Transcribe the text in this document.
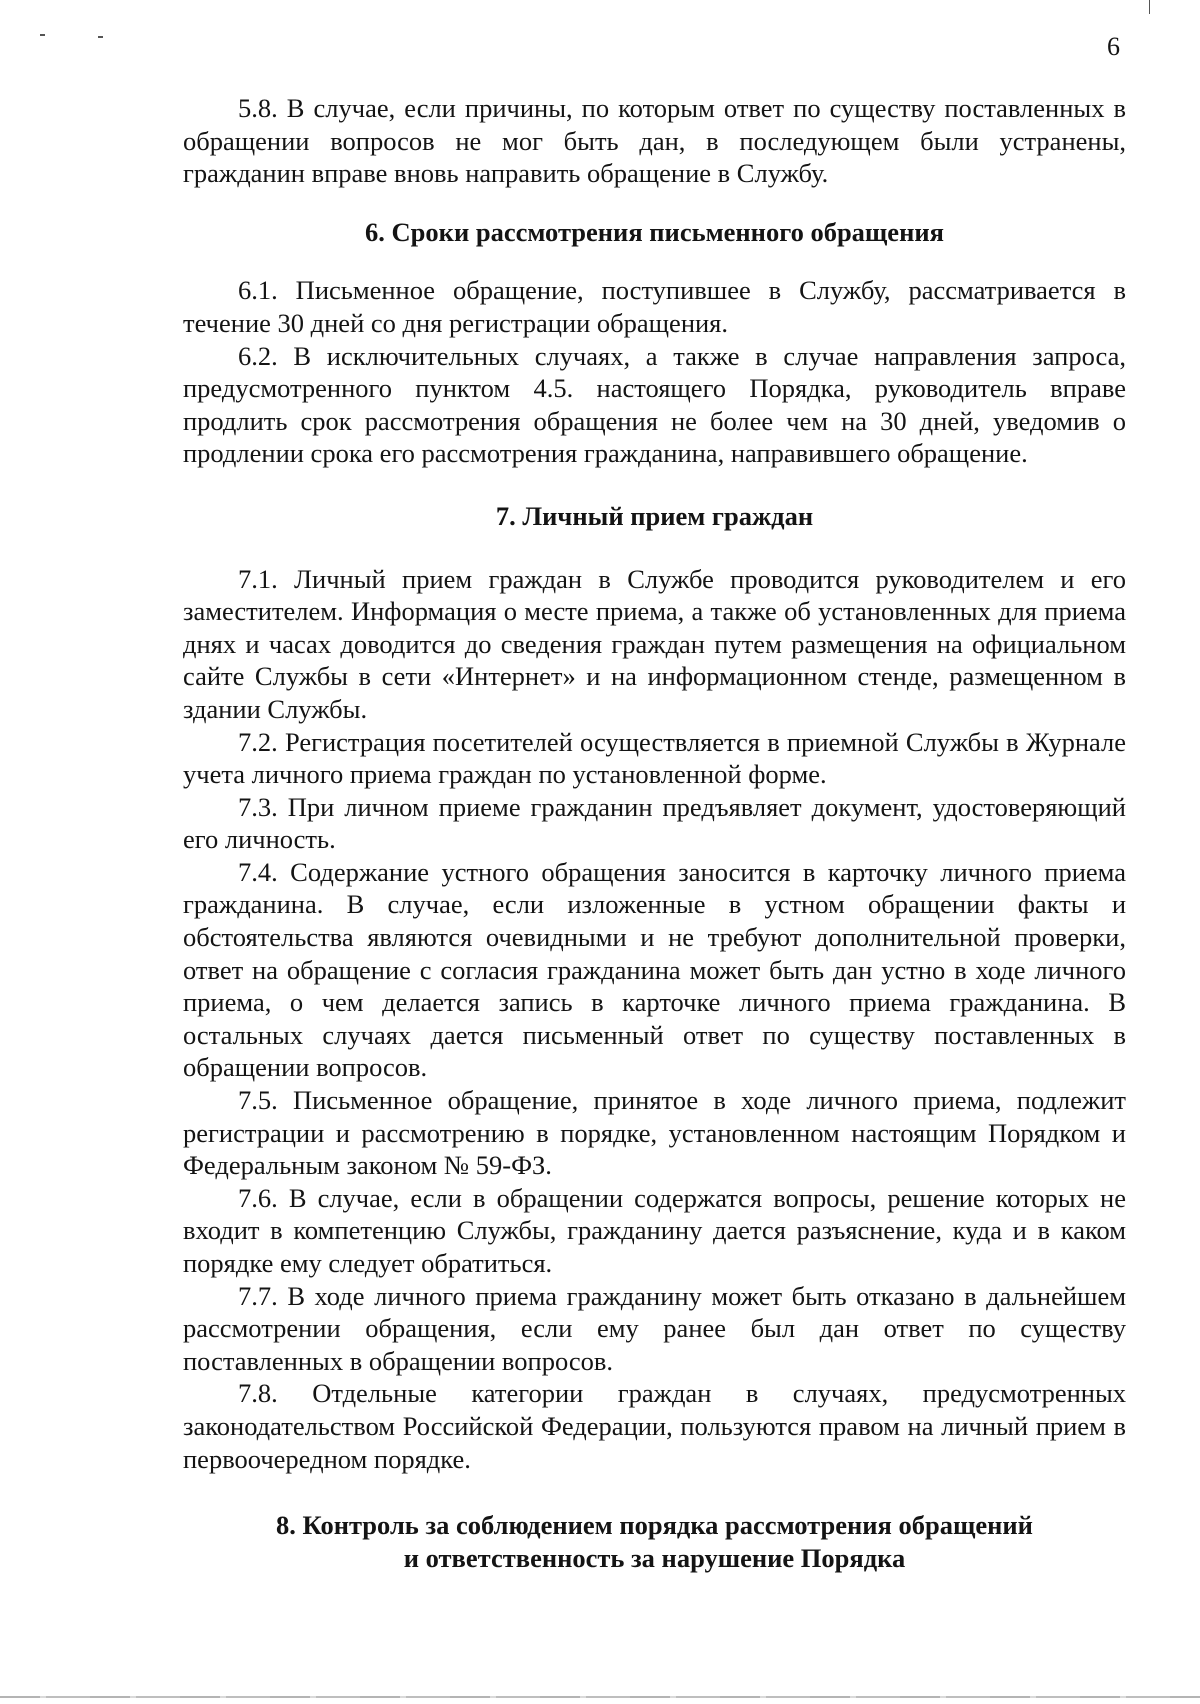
6

5.8. В случае, если причины, по которым ответ по существу поставленных в обращении вопросов не мог быть дан, в последующем были устранены, гражданин вправе вновь направить обращение в Службу.

6. Сроки рассмотрения письменного обращения

6.1. Письменное обращение, поступившее в Службу, рассматривается в течение 30 дней со дня регистрации обращения.

6.2. В исключительных случаях, а также в случае направления запроса, предусмотренного пунктом 4.5. настоящего Порядка, руководитель вправе продлить срок рассмотрения обращения не более чем на 30 дней, уведомив о продлении срока его рассмотрения гражданина, направившего обращение.

7. Личный прием граждан

7.1. Личный прием граждан в Службе проводится руководителем и его заместителем. Информация о месте приема, а также об установленных для приема днях и часах доводится до сведения граждан путем размещения на официальном сайте Службы в сети «Интернет» и на информационном стенде, размещенном в здании Службы.

7.2. Регистрация посетителей осуществляется в приемной Службы в Журнале учета личного приема граждан по установленной форме.

7.3. При личном приеме гражданин предъявляет документ, удостоверяющий его личность.

7.4. Содержание устного обращения заносится в карточку личного приема гражданина. В случае, если изложенные в устном обращении факты и обстоятельства являются очевидными и не требуют дополнительной проверки, ответ на обращение с согласия гражданина может быть дан устно в ходе личного приема, о чем делается запись в карточке личного приема гражданина. В остальных случаях дается письменный ответ по существу поставленных в обращении вопросов.

7.5. Письменное обращение, принятое в ходе личного приема, подлежит регистрации и рассмотрению в порядке, установленном настоящим Порядком и Федеральным законом № 59-ФЗ.

7.6. В случае, если в обращении содержатся вопросы, решение которых не входит в компетенцию Службы, гражданину дается разъяснение, куда и в каком порядке ему следует обратиться.

7.7. В ходе личного приема гражданину может быть отказано в дальнейшем рассмотрении обращения, если ему ранее был дан ответ по существу поставленных в обращении вопросов.

7.8. Отдельные категории граждан в случаях, предусмотренных законодательством Российской Федерации, пользуются правом на личный прием в первоочередном порядке.

8. Контроль за соблюдением порядка рассмотрения обращений
и ответственность за нарушение Порядка
